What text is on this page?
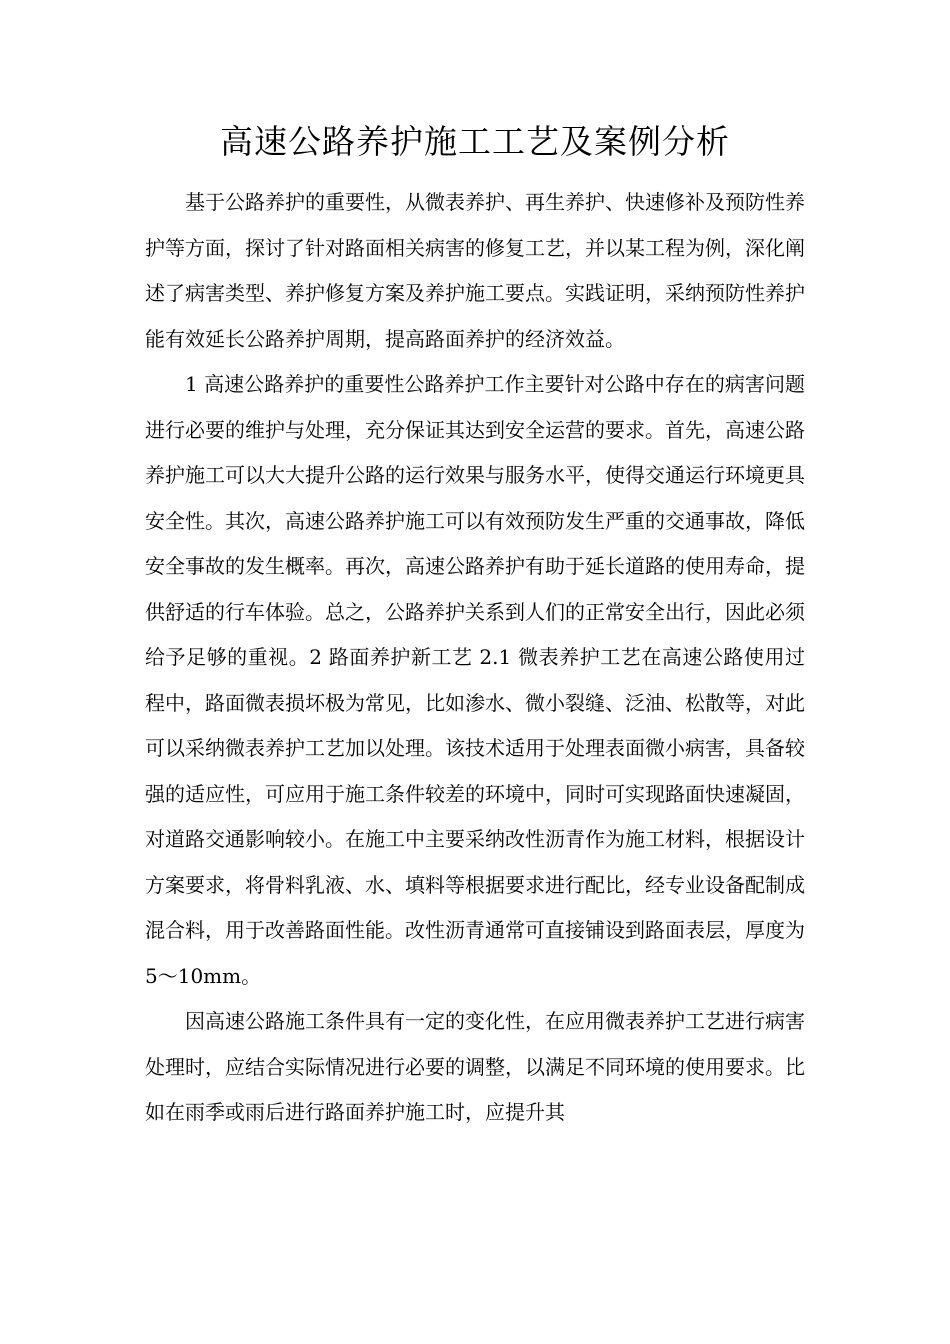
高速公路养护施工工艺及案例分析

基于公路养护的重要性，从微表养护、再生养护、快速修补及预防性养护等方面，探讨了针对路面相关病害的修复工艺，并以某工程为例，深化阐述了病害类型、养护修复方案及养护施工要点。实践证明，采纳预防性养护能有效延长公路养护周期，提高路面养护的经济效益。

1 高速公路养护的重要性公路养护工作主要针对公路中存在的病害问题进行必要的维护与处理，充分保证其达到安全运营的要求。首先，高速公路养护施工可以大大提升公路的运行效果与服务水平，使得交通运行环境更具安全性。其次，高速公路养护施工可以有效预防发生严重的交通事故，降低安全事故的发生概率。再次，高速公路养护有助于延长道路的使用寿命，提供舒适的行车体验。总之，公路养护关系到人们的正常安全出行，因此必须给予足够的重视。2 路面养护新工艺 2.1 微表养护工艺在高速公路使用过程中，路面微表损坏极为常见，比如渗水、微小裂缝、泛油、松散等，对此可以采纳微表养护工艺加以处理。该技术适用于处理表面微小病害，具备较强的适应性，可应用于施工条件较差的环境中，同时可实现路面快速凝固，对道路交通影响较小。在施工中主要采纳改性沥青作为施工材料，根据设计方案要求，将骨料乳液、水、填料等根据要求进行配比，经专业设备配制成混合料，用于改善路面性能。改性沥青通常可直接铺设到路面表层，厚度为 5～10mm。

因高速公路施工条件具有一定的变化性，在应用微表养护工艺进行病害处理时，应结合实际情况进行必要的调整，以满足不同环境的使用要求。比如在雨季或雨后进行路面养护施工时，应提升其
